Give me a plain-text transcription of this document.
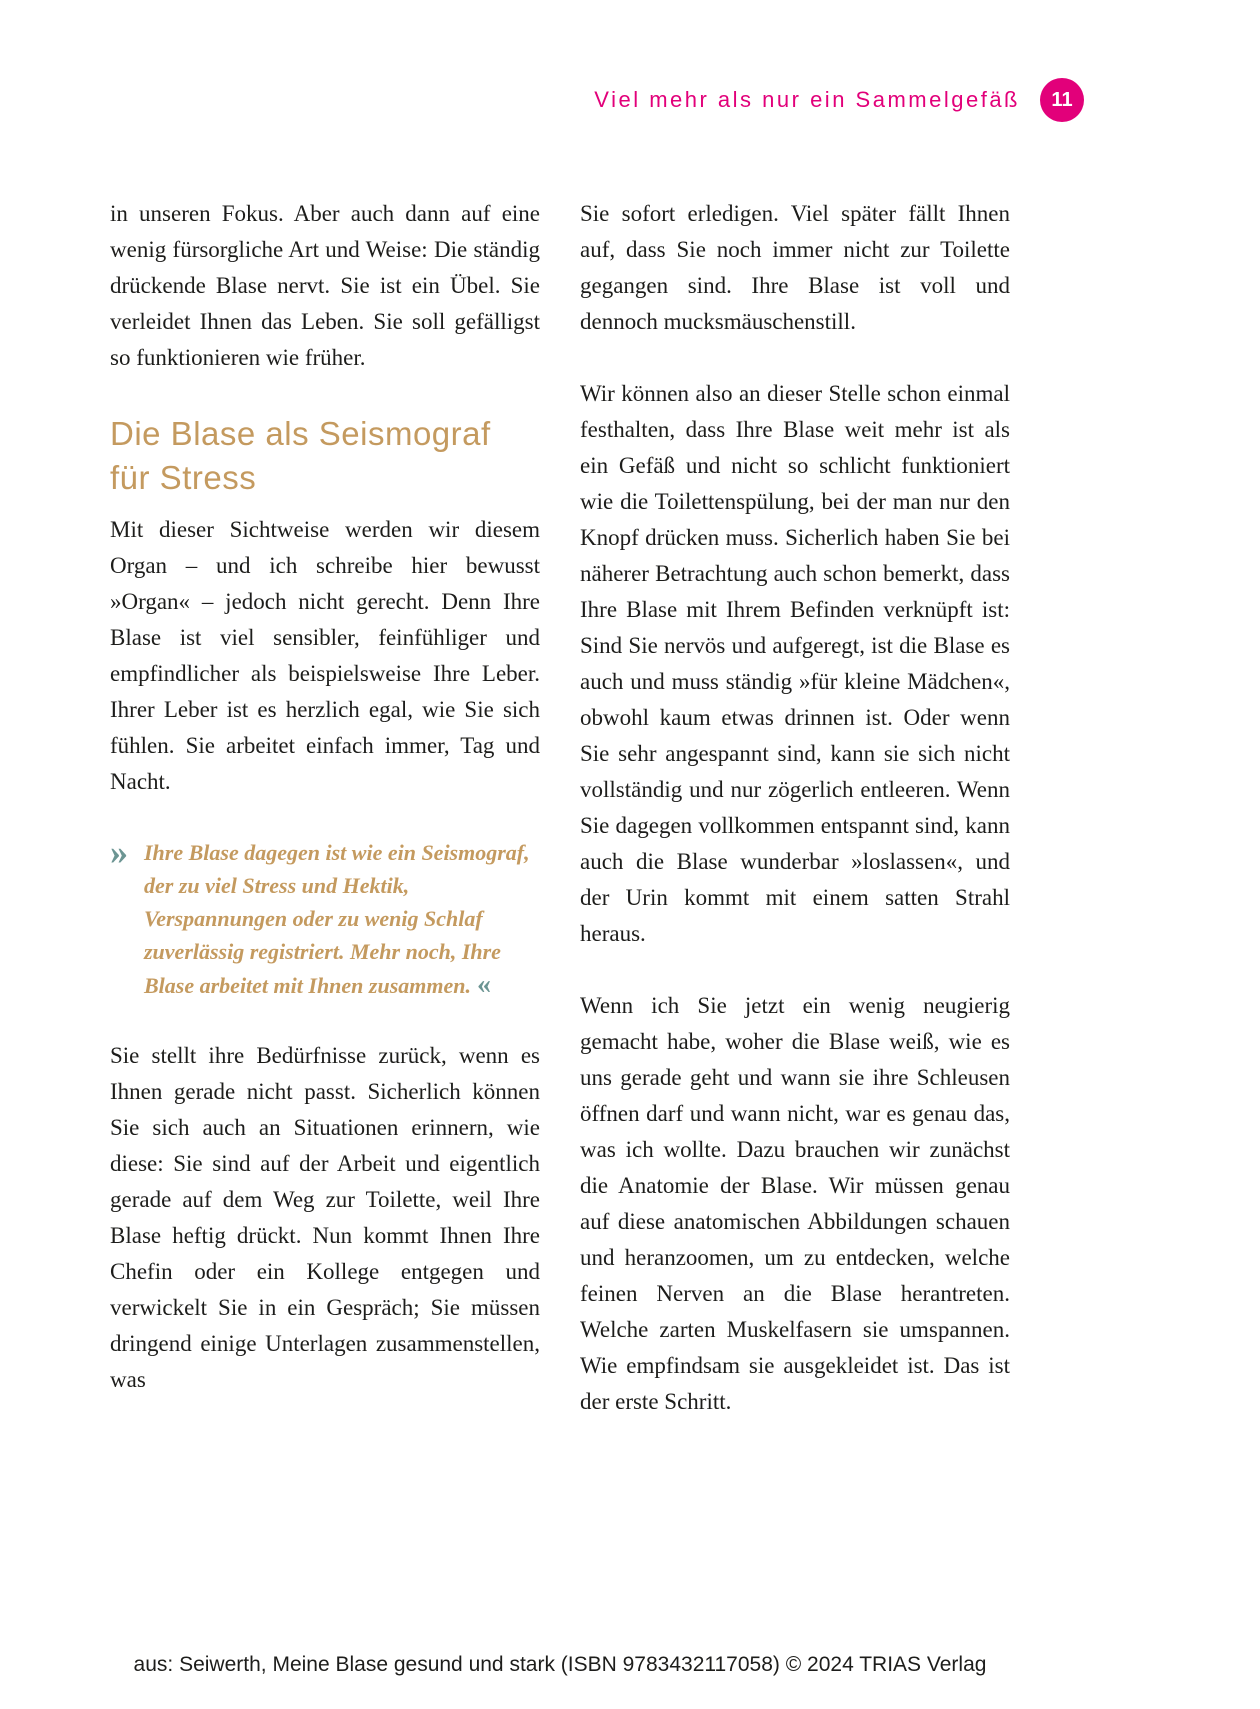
Viel mehr als nur ein Sammelgefäß	11

in unseren Fokus. Aber auch dann auf eine wenig fürsorgliche Art und Weise: Die ständig drückende Blase nervt. Sie ist ein Übel. Sie verleidet Ihnen das Leben. Sie soll gefälligst so funktionieren wie früher.

Die Blase als Seismograf für Stress

Mit dieser Sichtweise werden wir diesem Organ – und ich schreibe hier bewusst »Organ« – jedoch nicht gerecht. Denn Ihre Blase ist viel sensibler, feinfühliger und empfindlicher als beispielsweise Ihre Leber. Ihrer Leber ist es herzlich egal, wie Sie sich fühlen. Sie arbeitet einfach immer, Tag und Nacht.

» Ihre Blase dagegen ist wie ein Seismograf, der zu viel Stress und Hektik, Verspannungen oder zu wenig Schlaf zuverlässig registriert. Mehr noch, Ihre Blase arbeitet mit Ihnen zusammen. «

Sie stellt ihre Bedürfnisse zurück, wenn es Ihnen gerade nicht passt. Sicherlich können Sie sich auch an Situationen erinnern, wie diese: Sie sind auf der Arbeit und eigentlich gerade auf dem Weg zur Toilette, weil Ihre Blase heftig drückt. Nun kommt Ihnen Ihre Chefin oder ein Kollege entgegen und verwickelt Sie in ein Gespräch; Sie müssen dringend einige Unterlagen zusammenstellen, was

Sie sofort erledigen. Viel später fällt Ihnen auf, dass Sie noch immer nicht zur Toilette gegangen sind. Ihre Blase ist voll und dennoch mucksmäuschenstill.

Wir können also an dieser Stelle schon einmal festhalten, dass Ihre Blase weit mehr ist als ein Gefäß und nicht so schlicht funktioniert wie die Toilettenspülung, bei der man nur den Knopf drücken muss. Sicherlich haben Sie bei näherer Betrachtung auch schon bemerkt, dass Ihre Blase mit Ihrem Befinden verknüpft ist: Sind Sie nervös und aufgeregt, ist die Blase es auch und muss ständig »für kleine Mädchen«, obwohl kaum etwas drinnen ist. Oder wenn Sie sehr angespannt sind, kann sie sich nicht vollständig und nur zögerlich entleeren. Wenn Sie dagegen vollkommen entspannt sind, kann auch die Blase wunderbar »loslassen«, und der Urin kommt mit einem satten Strahl heraus.

Wenn ich Sie jetzt ein wenig neugierig gemacht habe, woher die Blase weiß, wie es uns gerade geht und wann sie ihre Schleusen öffnen darf und wann nicht, war es genau das, was ich wollte. Dazu brauchen wir zunächst die Anatomie der Blase. Wir müssen genau auf diese anatomischen Abbildungen schauen und heranzoomen, um zu entdecken, welche feinen Nerven an die Blase herantreten. Welche zarten Muskelfasern sie umspannen. Wie empfindsam sie ausgekleidet ist. Das ist der erste Schritt.

aus: Seiwerth, Meine Blase gesund und stark (ISBN 9783432117058) © 2024 TRIAS Verlag
